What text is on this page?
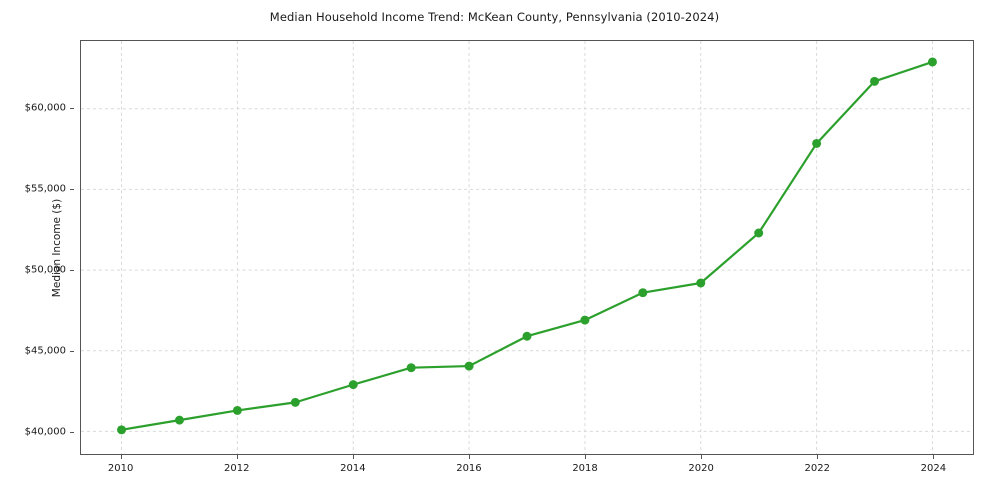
Median Household Income Trend: McKean County, Pennsylvania (2010-2024)
Median Income ($)
$40,000
$45,000
$50,000
$55,000
$60,000
2010	2012	2014	2016	2018	2020	2022	2024
